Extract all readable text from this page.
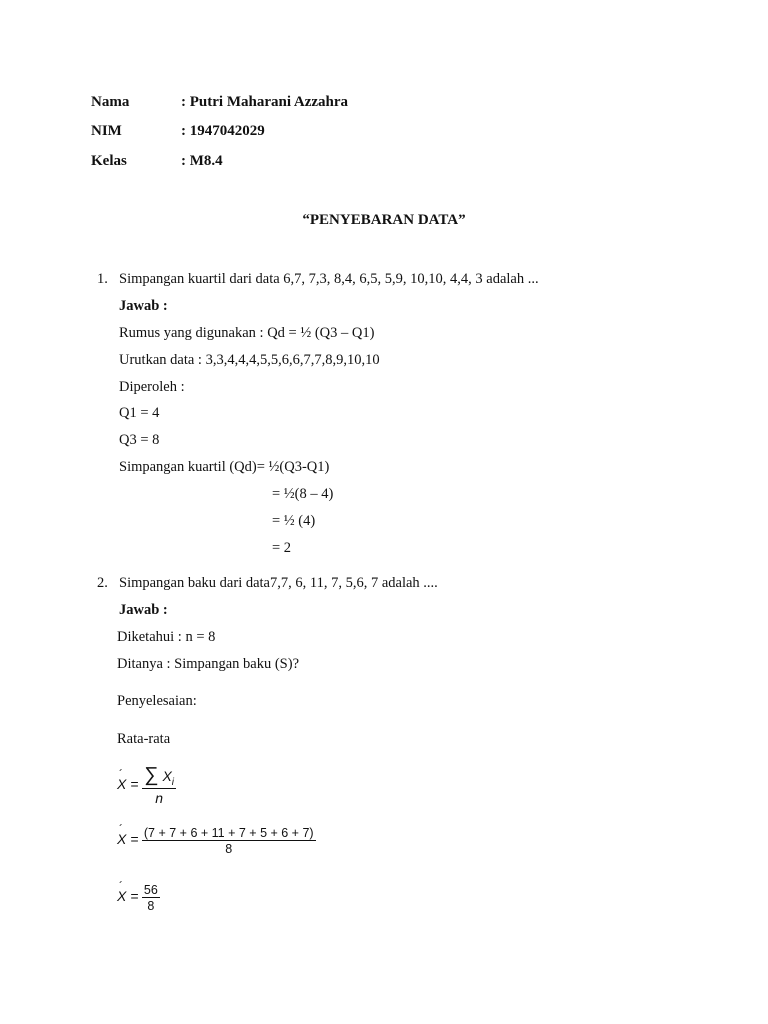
Nama	: Putri Maharani Azzahra
NIM	: 1947042029
Kelas	: M8.4
“PENYEBARAN DATA”
1. Simpangan kuartil dari data 6,7, 7,3, 8,4, 6,5, 5,9, 10,10, 4,4, 3 adalah ...
Jawab :
Rumus yang digunakan : Qd = ½ (Q3 – Q1)
Urutkan data : 3,3,4,4,4,5,5,6,6,7,7,8,9,10,10
Diperoleh :
Q1 = 4
Q3 = 8
Simpangan kuartil (Qd)= ½(Q3-Q1)
= ½(8 – 4)
= ½ (4)
= 2
2. Simpangan baku dari data7,7, 6, 11, 7, 5,6, 7 adalah ....
Jawab :
Diketahui : n = 8
Ditanya : Simpangan baku (S)?
Penyelesaian:
Rata-rata
´ $X = \frac{\sum X_i}{n}$
´ $X = \frac{(7 + 7 + 6 + 11 + 7 + 5 + 6 + 7)}{8}$
´ $X = \frac{56}{8}$
